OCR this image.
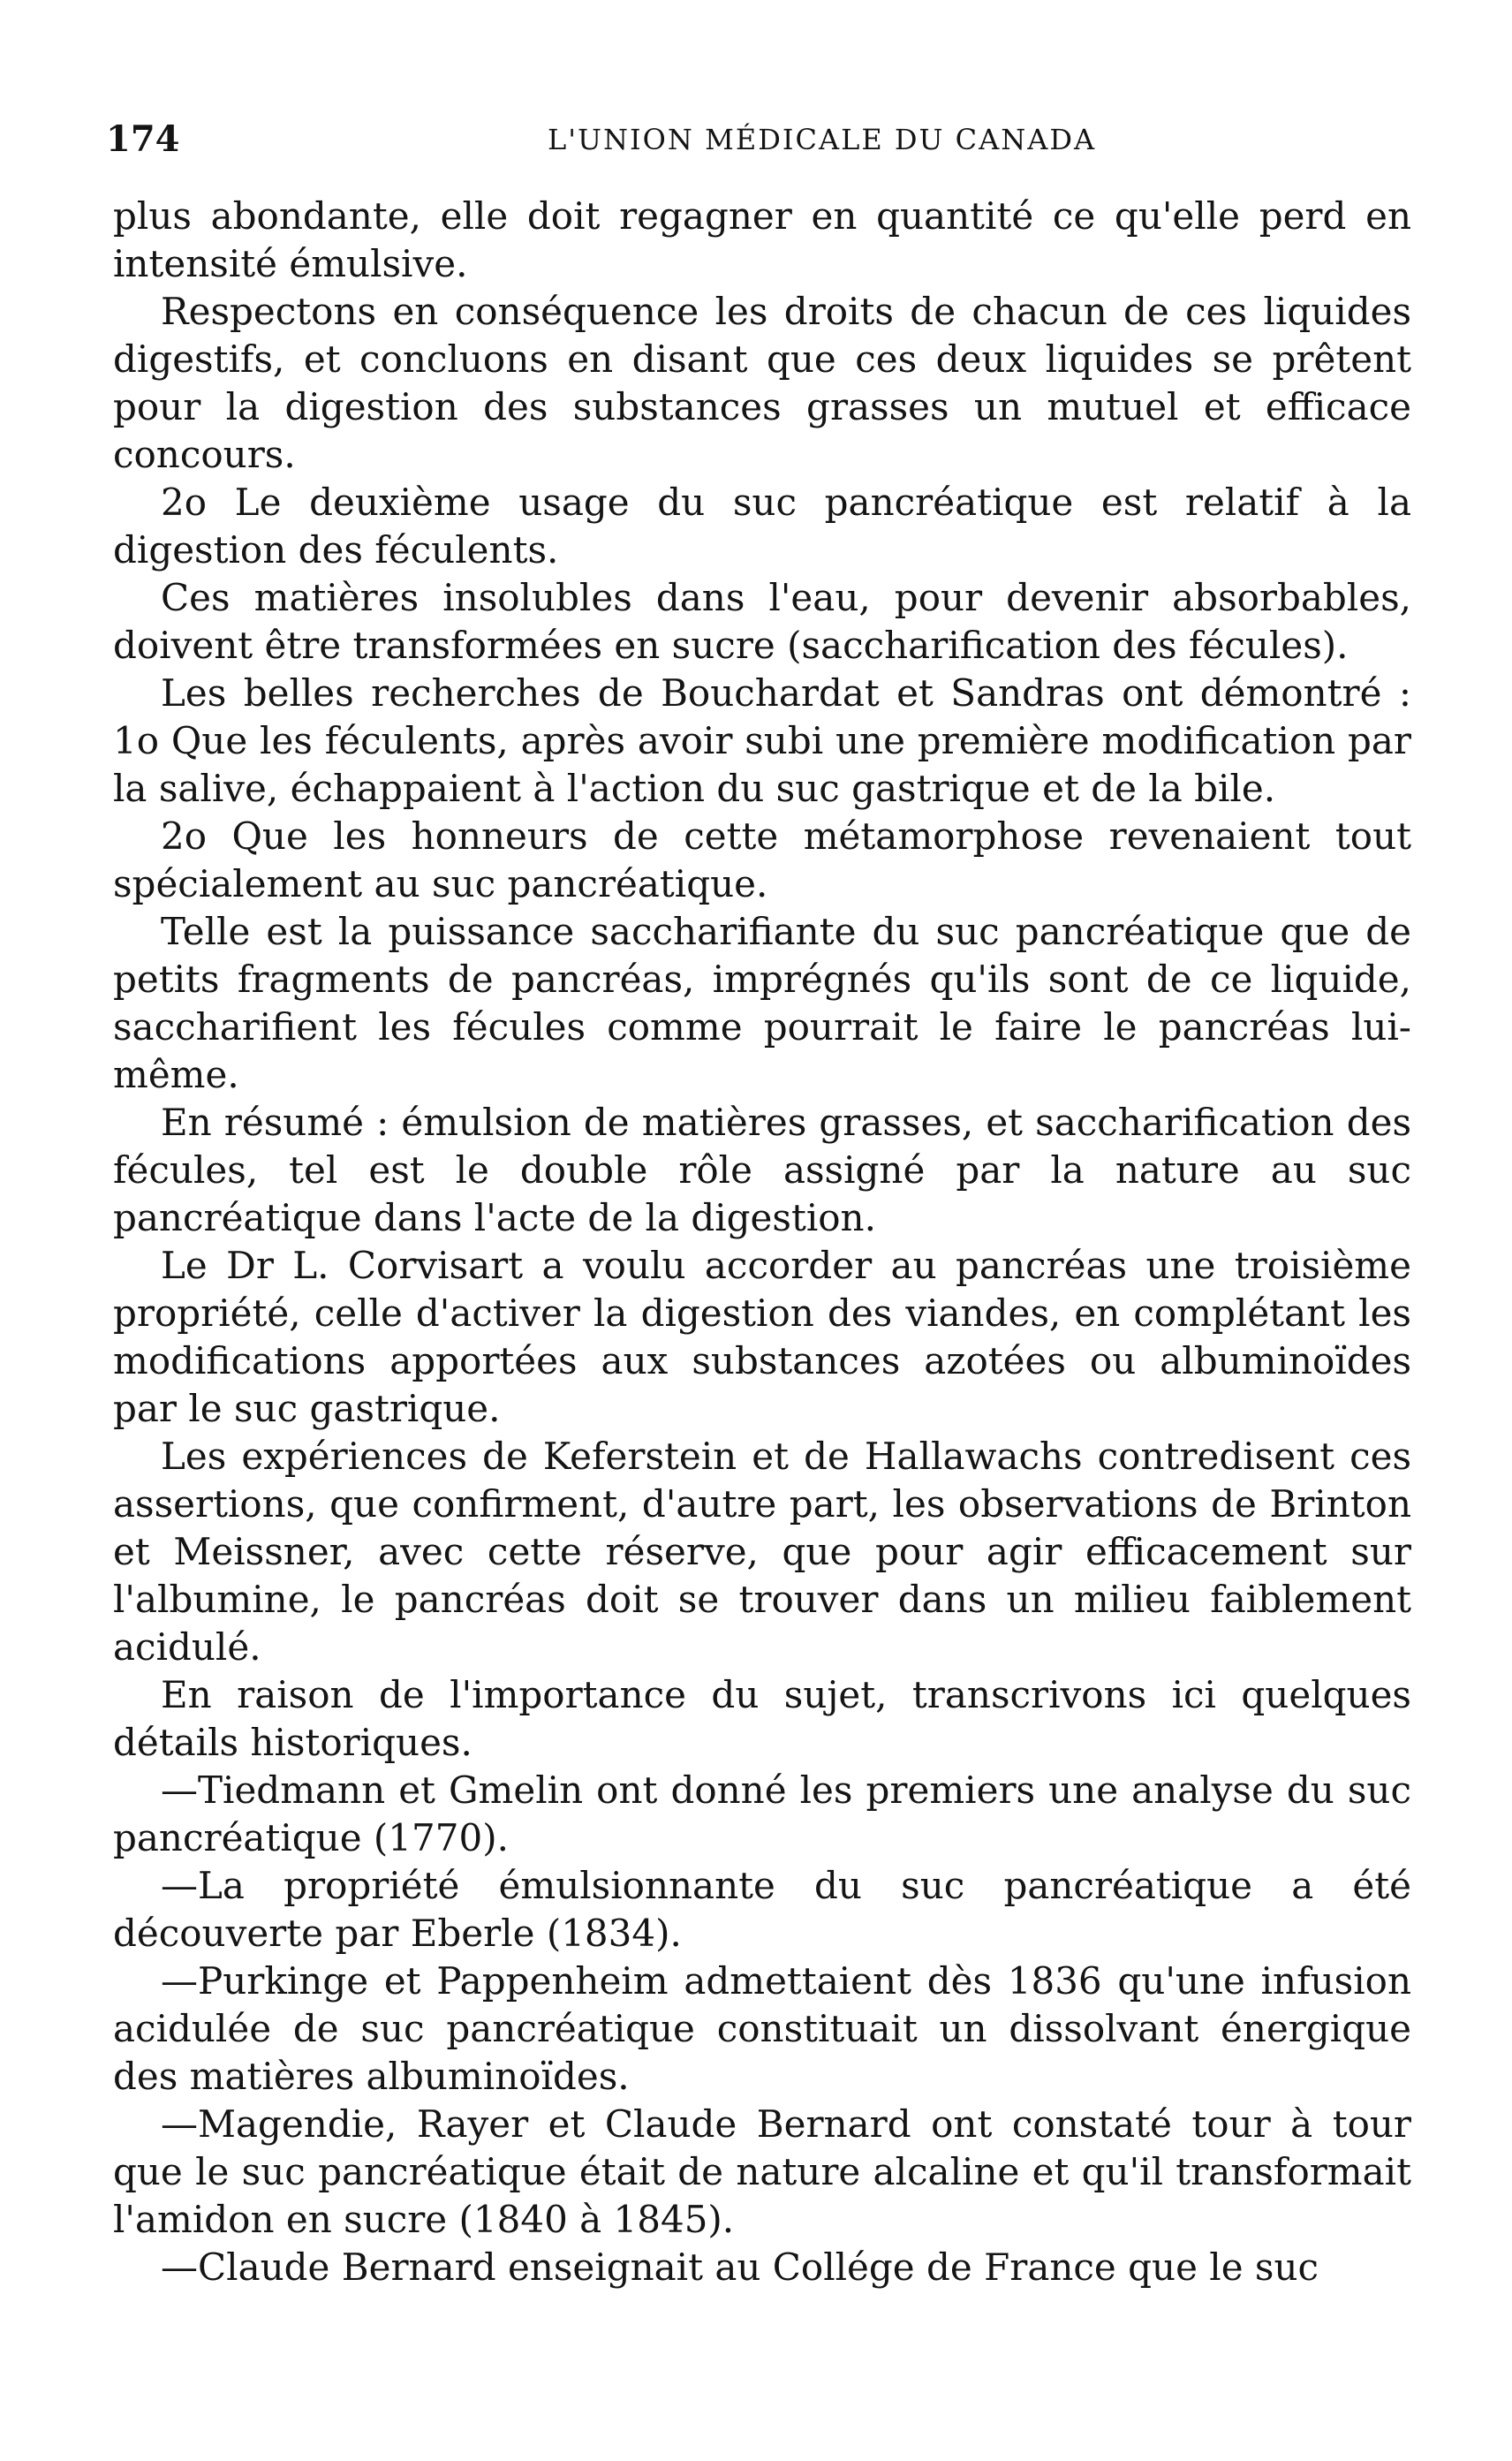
174	L'UNION MÉDICALE DU CANADA

plus abondante, elle doit regagner en quantité ce qu'elle perd en intensité émulsive.

Respectons en conséquence les droits de chacun de ces liquides digestifs, et concluons en disant que ces deux liquides se prêtent pour la digestion des substances grasses un mutuel et efficace concours.

2o Le deuxième usage du suc pancréatique est relatif à la digestion des féculents.

Ces matières insolubles dans l'eau, pour devenir absorbables, doivent être transformées en sucre (saccharification des fécules).

Les belles recherches de Bouchardat et Sandras ont démontré : 1o Que les féculents, après avoir subi une première modification par la salive, échappaient à l'action du suc gastrique et de la bile.

2o Que les honneurs de cette métamorphose revenaient tout spécialement au suc pancréatique.

Telle est la puissance saccharifiante du suc pancréatique que de petits fragments de pancréas, imprégnés qu'ils sont de ce liquide, saccharifient les fécules comme pourrait le faire le pancréas lui-même.

En résumé : émulsion de matières grasses, et saccharification des fécules, tel est le double rôle assigné par la nature au suc pancréatique dans l'acte de la digestion.

Le Dr L. Corvisart a voulu accorder au pancréas une troisième propriété, celle d'activer la digestion des viandes, en complétant les modifications apportées aux substances azotées ou albuminoïdes par le suc gastrique.

Les expériences de Keferstein et de Hallawachs contredisent ces assertions, que confirment, d'autre part, les observations de Brinton et Meissner, avec cette réserve, que pour agir efficacement sur l'albumine, le pancréas doit se trouver dans un milieu faiblement acidulé.

En raison de l'importance du sujet, transcrivons ici quelques détails historiques.

—Tiedmann et Gmelin ont donné les premiers une analyse du suc pancréatique (1770).

—La propriété émulsionnante du suc pancréatique a été découverte par Eberle (1834).

—Purkinge et Pappenheim admettaient dès 1836 qu'une infusion acidulée de suc pancréatique constituait un dissolvant énergique des matières albuminoïdes.

—Magendie, Rayer et Claude Bernard ont constaté tour à tour que le suc pancréatique était de nature alcaline et qu'il transformait l'amidon en sucre (1840 à 1845).

—Claude Bernard enseignait au Collége de France que le suc
